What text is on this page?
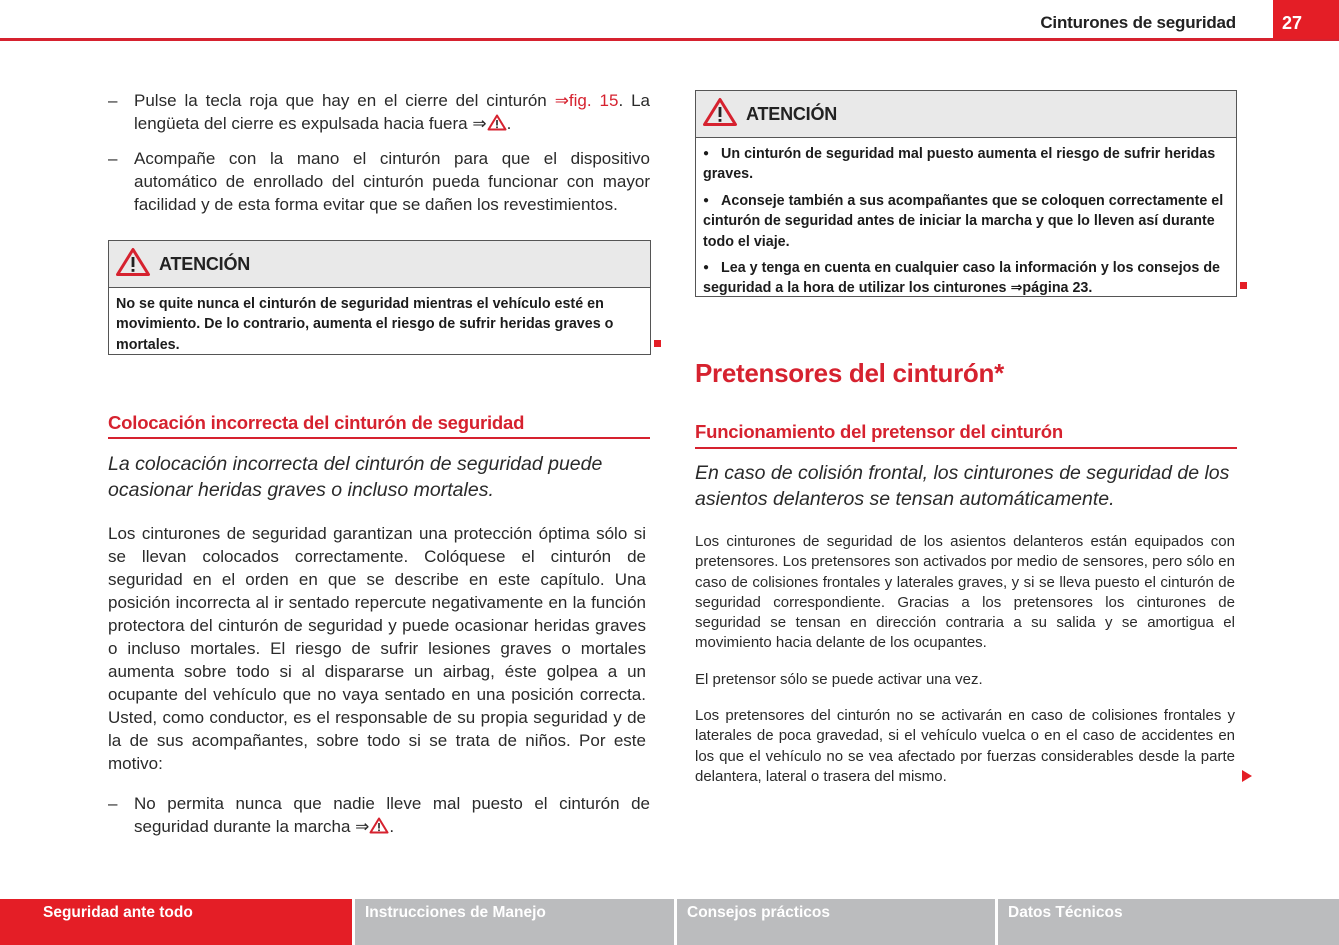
Cinturones de seguridad	27
– Pulse la tecla roja que hay en el cierre del cinturón ⇒fig. 15. La lengüeta del cierre es expulsada hacia fuera ⇒ .
– Acompañe con la mano el cinturón para que el dispositivo automático de enrollado del cinturón pueda funcionar con mayor facilidad y de esta forma evitar que se dañen los revestimientos.
ATENCIÓN
No se quite nunca el cinturón de seguridad mientras el vehículo esté en movimiento. De lo contrario, aumenta el riesgo de sufrir heridas graves o mortales.
Colocación incorrecta del cinturón de seguridad
La colocación incorrecta del cinturón de seguridad puede ocasionar heridas graves o incluso mortales.
Los cinturones de seguridad garantizan una protección óptima sólo si se llevan colocados correctamente. Colóquese el cinturón de seguridad en el orden en que se describe en este capítulo. Una posición incorrecta al ir sentado repercute negativamente en la función protectora del cinturón de seguridad y puede ocasionar heridas graves o incluso mortales. El riesgo de sufrir lesiones graves o mortales aumenta sobre todo si al dispararse un airbag, éste golpea a un ocupante del vehículo que no vaya sentado en una posición correcta. Usted, como conductor, es el responsable de su propia seguridad y de la de sus acompañantes, sobre todo si se trata de niños. Por este motivo:
– No permita nunca que nadie lleve mal puesto el cinturón de seguridad durante la marcha ⇒ .
ATENCIÓN

● Un cinturón de seguridad mal puesto aumenta el riesgo de sufrir heridas graves.

● Aconseje también a sus acompañantes que se coloquen correctamente el cinturón de seguridad antes de iniciar la marcha y que lo lleven así durante todo el viaje.

● Lea y tenga en cuenta en cualquier caso la información y los consejos de seguridad a la hora de utilizar los cinturones ⇒página 23.

Pretensores del cinturón*
Funcionamiento del pretensor del cinturón
En caso de colisión frontal, los cinturones de seguridad de los asientos delanteros se tensan automáticamente.

Los cinturones de seguridad de los asientos delanteros están equipados con pretensores. Los pretensores son activados por medio de sensores, pero sólo en caso de colisiones frontales y laterales graves, y si se lleva puesto el cinturón de seguridad correspondiente. Gracias a los pretensores los cinturones de seguridad se tensan en dirección contraria a su salida y se amortigua el movimiento hacia delante de los ocupantes.

El pretensor sólo se puede activar una vez.

Los pretensores del cinturón no se activarán en caso de colisiones frontales y laterales de poca gravedad, si el vehículo vuelca o en el caso de accidentes en los que el vehículo no se vea afectado por fuerzas considerables desde la parte delantera, lateral o trasera del mismo.

Seguridad ante todo	Instrucciones de Manejo	Consejos prácticos	Datos Técnicos
